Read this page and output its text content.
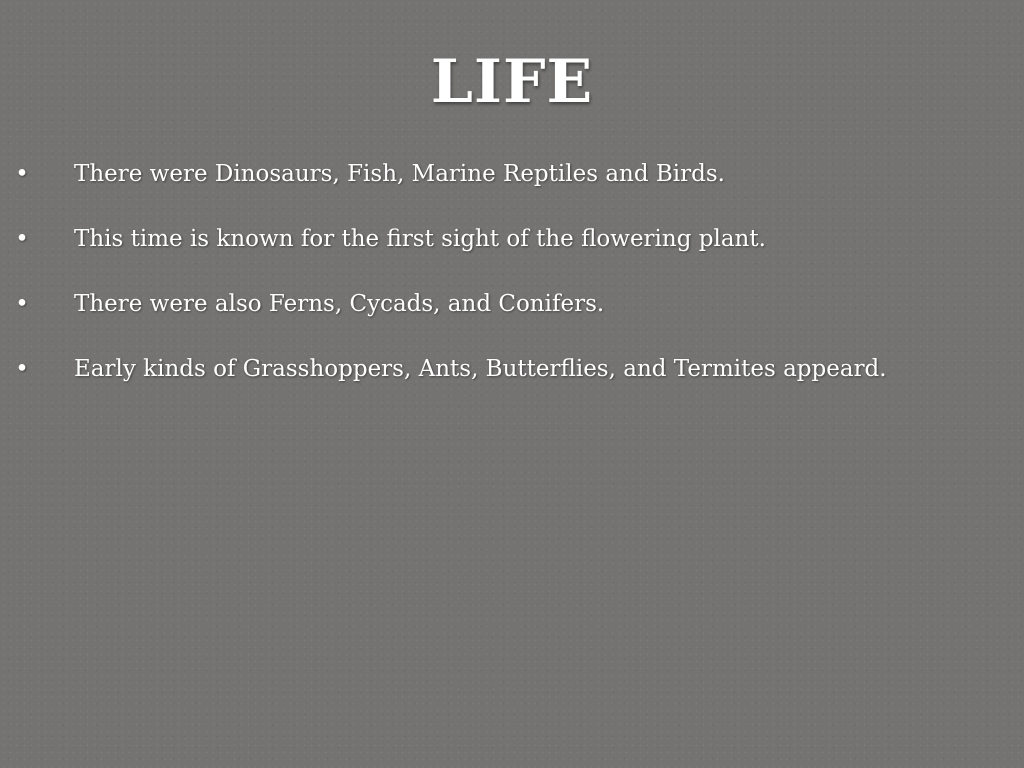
LIFE
• There were Dinosaurs, Fish, Marine Reptiles and Birds.
• This time is known for the first sight of the flowering plant.
• There were also Ferns, Cycads, and Conifers.
• Early kinds of Grasshoppers, Ants, Butterflies, and Termites appeard.
